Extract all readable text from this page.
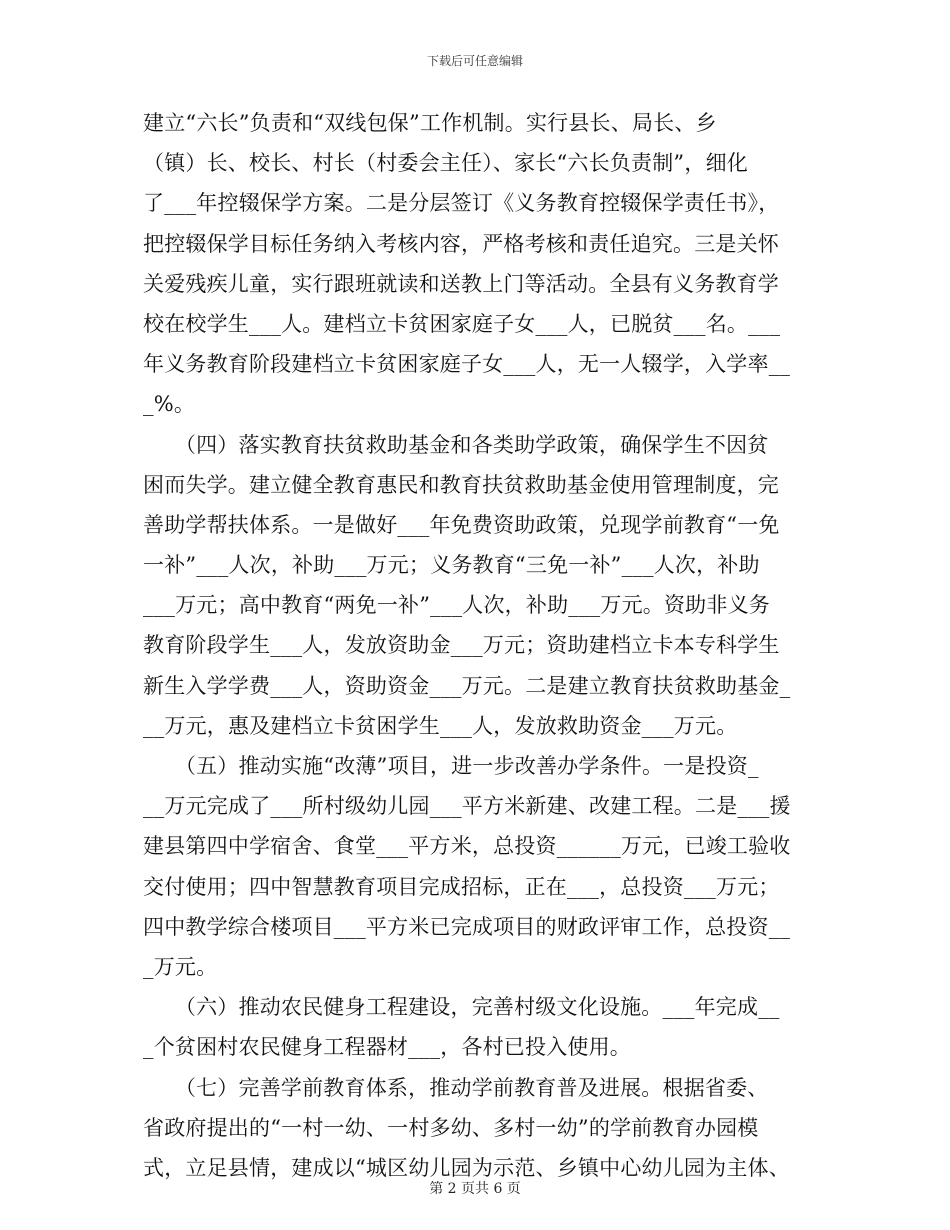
下载后可任意编辑
建立“六长”负责和“双线包保”工作机制。实行县长、局长、乡
（镇）长、校长、村长（村委会主任）、家长“六长负责制”，细化
了___年控辍保学方案。二是分层签订《义务教育控辍保学责任书》，
把控辍保学目标任务纳入考核内容，严格考核和责任追究。三是关怀
关爱残疾儿童，实行跟班就读和送教上门等活动。全县有义务教育学
校在校学生___人。建档立卡贫困家庭子女___人，已脱贫___名。___
年义务教育阶段建档立卡贫困家庭子女___人，无一人辍学，入学率__
_%。
　　（四）落实教育扶贫救助基金和各类助学政策，确保学生不因贫
困而失学。建立健全教育惠民和教育扶贫救助基金使用管理制度，完
善助学帮扶体系。一是做好___年免费资助政策，兑现学前教育“一免
一补”___人次，补助___万元；义务教育“三免一补”___人次，补助
___万元；高中教育“两免一补”___人次，补助___万元。资助非义务
教育阶段学生___人，发放资助金___万元；资助建档立卡本专科学生
新生入学学费___人，资助资金___万元。二是建立教育扶贫救助基金_
__万元，惠及建档立卡贫困学生___人，发放救助资金___万元。
　　（五）推动实施“改薄”项目，进一步改善办学条件。一是投资_
__万元完成了___所村级幼儿园___平方米新建、改建工程。二是___援
建县第四中学宿舍、食堂___平方米，总投资______万元，已竣工验收
交付使用；四中智慧教育项目完成招标，正在___，总投资___万元；
四中教学综合楼项目___平方米已完成项目的财政评审工作，总投资__
_万元。
　　（六）推动农民健身工程建设，完善村级文化设施。___年完成__
_个贫困村农民健身工程器材___，各村已投入使用。
　　（七）完善学前教育体系，推动学前教育普及进展。根据省委、
省政府提出的“一村一幼、一村多幼、多村一幼”的学前教育办园模
式，立足县情，建成以“城区幼儿园为示范、乡镇中心幼儿园为主体、
第 2 页共 6 页
